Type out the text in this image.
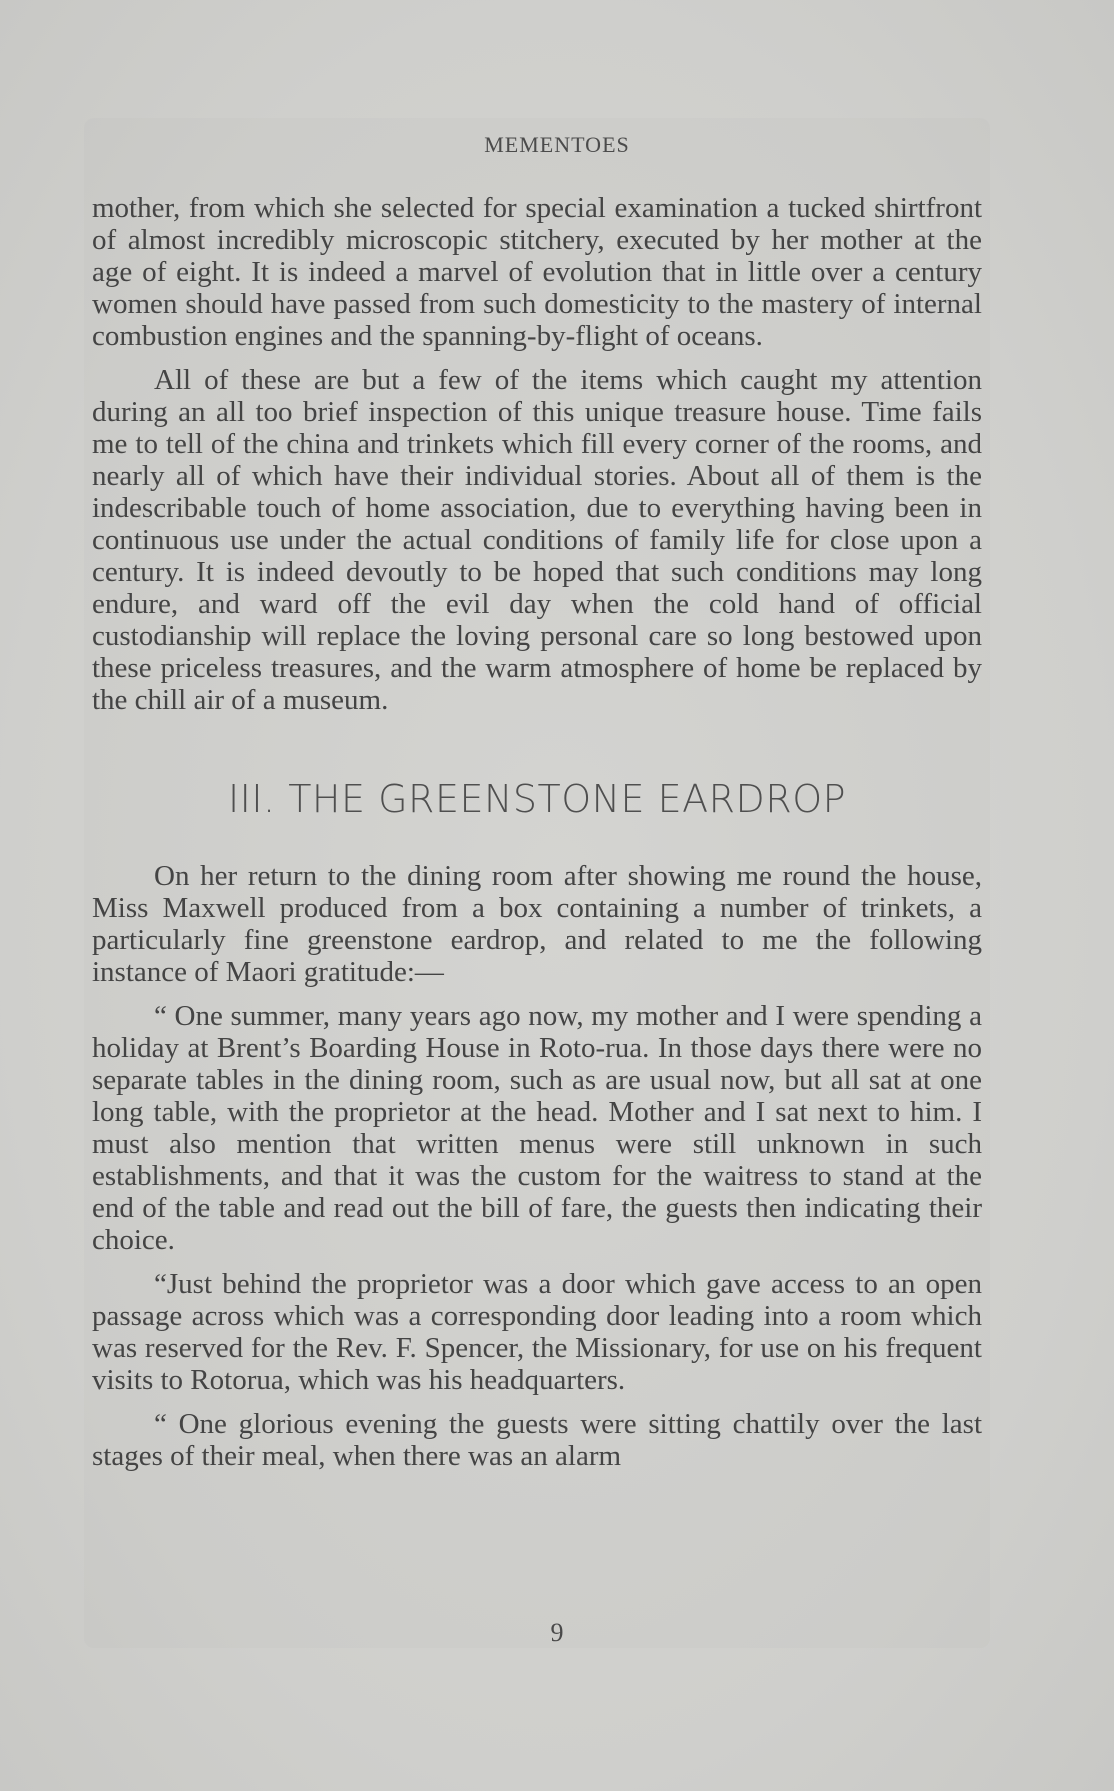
MEMENTOES

mother, from which she selected for special examination a tucked shirtfront of almost incredibly microscopic stitchery, executed by her mother at the age of eight. It is indeed a marvel of evolution that in little over a century women should have passed from such domesticity to the mastery of internal combustion engines and the spanning-by-flight of oceans.

All of these are but a few of the items which caught my attention during an all too brief inspection of this unique treasure house. Time fails me to tell of the china and trinkets which fill every corner of the rooms, and nearly all of which have their individual stories. About all of them is the indescribable touch of home association, due to everything having been in continuous use under the actual conditions of family life for close upon a century. It is indeed devoutly to be hoped that such conditions may long endure, and ward off the evil day when the cold hand of official custodianship will replace the loving personal care so long bestowed upon these priceless treasures, and the warm atmosphere of home be replaced by the chill air of a museum.

III. THE GREENSTONE EARDROP

On her return to the dining room after showing me round the house, Miss Maxwell produced from a box containing a number of trinkets, a particularly fine greenstone eardrop, and related to me the following instance of Maori gratitude:—

“ One summer, many years ago now, my mother and I were spending a holiday at Brent’s Boarding House in Roto-rua. In those days there were no separate tables in the dining room, such as are usual now, but all sat at one long table, with the proprietor at the head. Mother and I sat next to him. I must also mention that written menus were still unknown in such establishments, and that it was the custom for the waitress to stand at the end of the table and read out the bill of fare, the guests then indicating their choice.

“Just behind the proprietor was a door which gave access to an open passage across which was a corresponding door leading into a room which was reserved for the Rev. F. Spencer, the Missionary, for use on his frequent visits to Rotorua, which was his headquarters.

“ One glorious evening the guests were sitting chattily over the last stages of their meal, when there was an alarm

9
